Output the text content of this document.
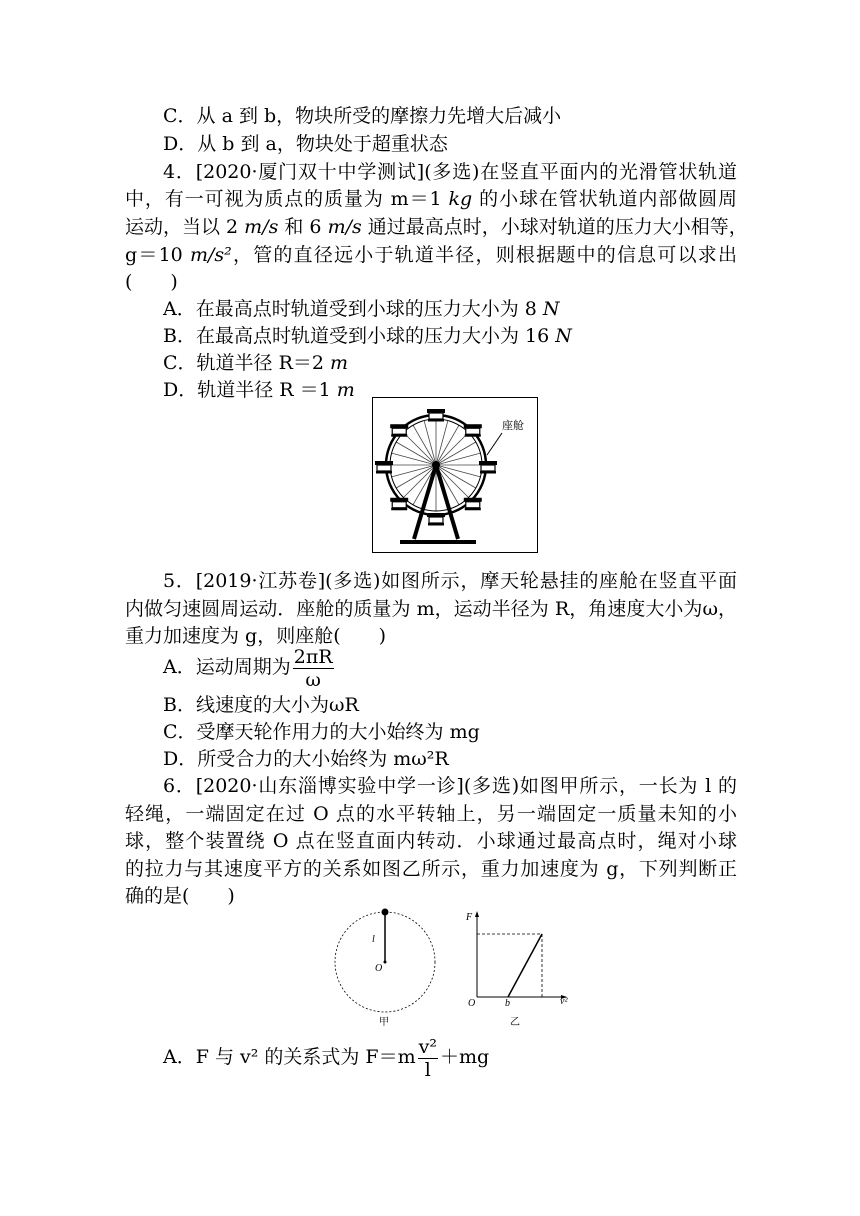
C．从 a 到 b，物块所受的摩擦力先增大后减小
D．从 b 到 a，物块处于超重状态
4．[2020·厦门双十中学测试](多选)在竖直平面内的光滑管状轨道
中，有一可视为质点的质量为 m＝1 kg 的小球在管状轨道内部做圆周
运动，当以 2 m/s 和 6 m/s 通过最高点时，小球对轨道的压力大小相等，
g＝10 m/s²，管的直径远小于轨道半径，则根据题中的信息可以求出
(　　)
A．在最高点时轨道受到小球的压力大小为 8 N
B．在最高点时轨道受到小球的压力大小为 16 N
C．轨道半径 R＝2 m
D．轨道半径 R ＝1 m
座舱
5．[2019·江苏卷](多选)如图所示，摩天轮悬挂的座舱在竖直平面
内做匀速圆周运动．座舱的质量为 m，运动半径为 R，角速度大小为ω，
重力加速度为 g，则座舱(　　)
A．运动周期为 $\frac{2\pi R}{\omega}$
B．线速度的大小为ωR
C．受摩天轮作用力的大小始终为 mg
D．所受合力的大小始终为 mω²R
6．[2020·山东淄博实验中学一诊](多选)如图甲所示，一长为 l 的
轻绳，一端固定在过 O 点的水平转轴上，另一端固定一质量未知的小
球，整个装置绕 O 点在竖直面内转动．小球通过最高点时，绳对小球
的拉力与其速度平方的关系如图乙所示，重力加速度为 g，下列判断正
确的是(　　)
l
O
甲
F
O	b	v²
乙
A．F 与 v² 的关系式为 $F=m \frac{\text{v²}}{l} +mg$
